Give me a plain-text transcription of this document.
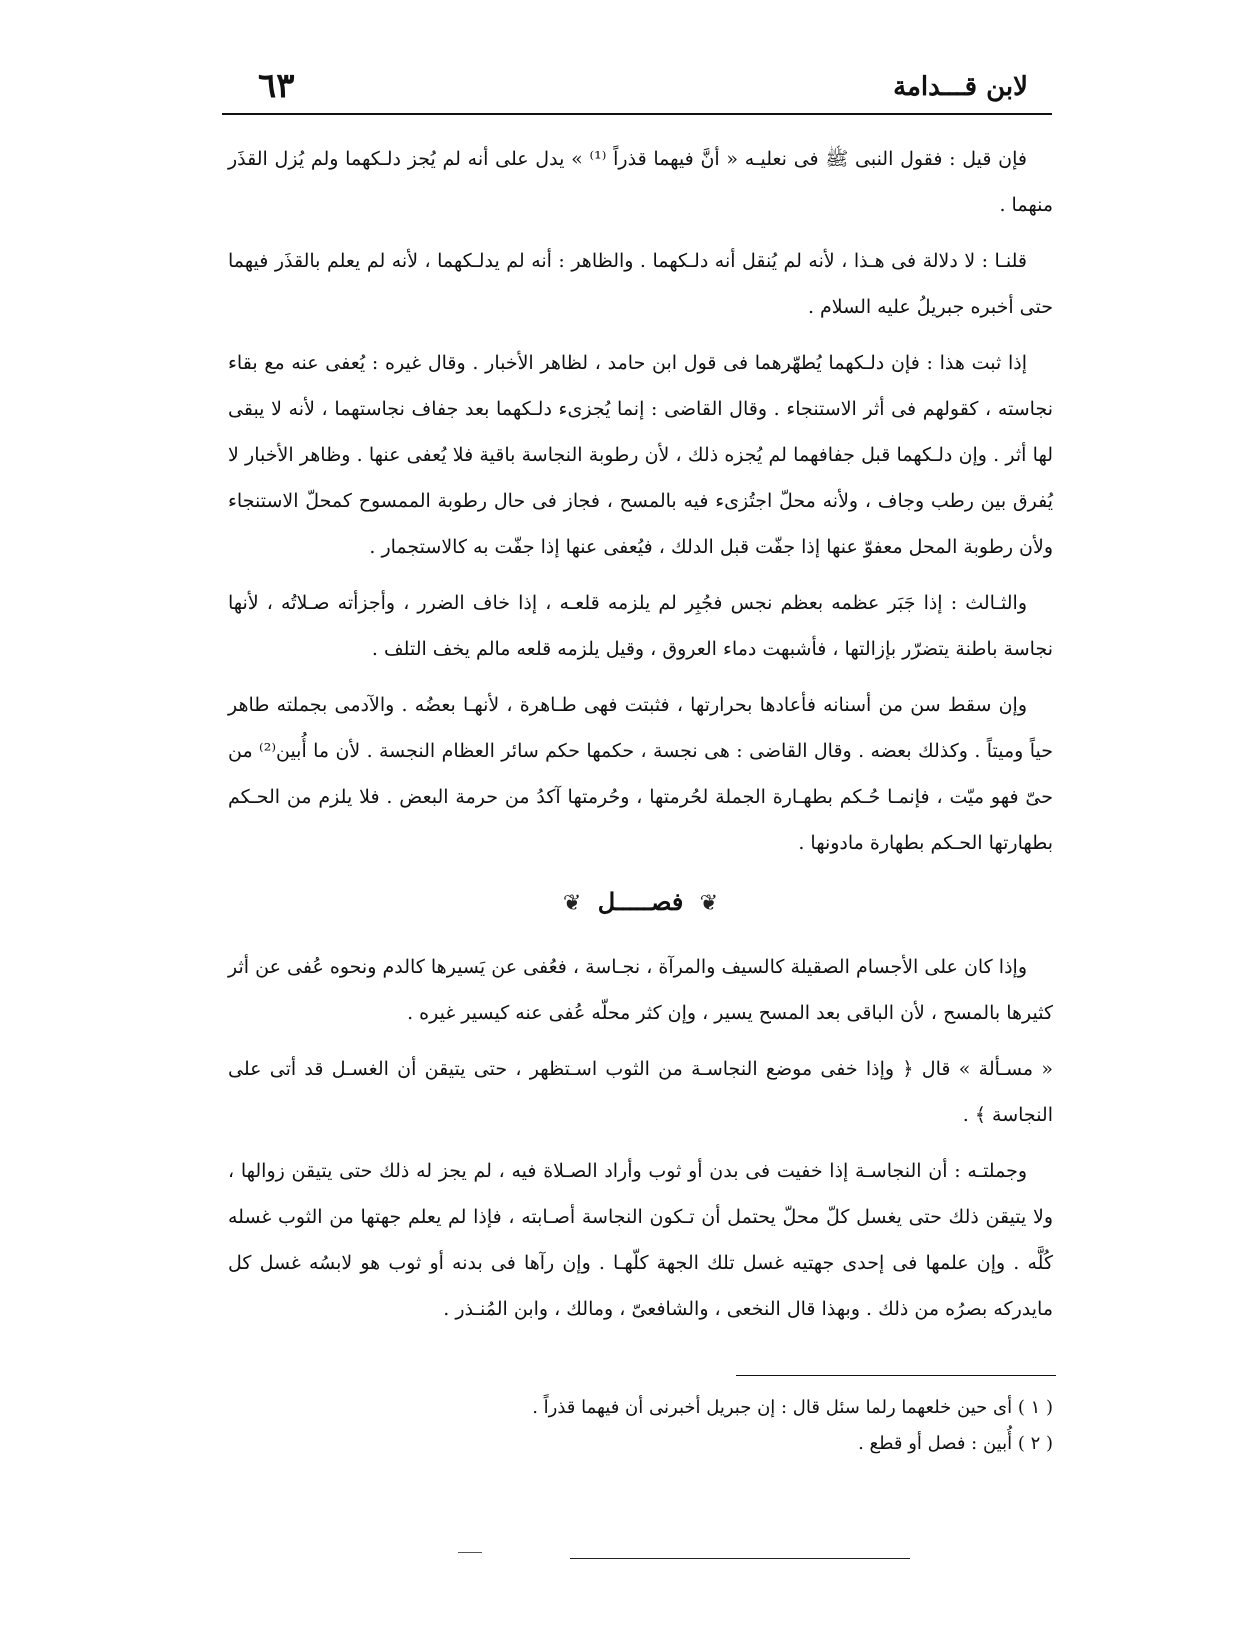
لابن قـــدامة
٦٣

فإن قيل : فقول النبى ﷺ فى نعليـه « أنَّ فيهما قذراً ⁽¹⁾ » يدل على أنه لم يُجز دلـكهما ولم يُزل القذَر منهما .

قلنـا : لا دلالة فى هـذا ، لأنه لم يُنقل أنه دلـكهما . والظاهر : أنه لم يدلـكهما ، لأنه لم يعلم بالقذَر فيهما حتى أخبره جبريلُ عليه السلام .

إذا ثبت هذا : فإن دلـكهما يُطهّرهما فى قول ابن حامد ، لظاهر الأخبار . وقال غيره : يُعفى عنه مع بقاء نجاسته ، كقولهم فى أثر الاستنجاء . وقال القاضى : إنما يُجزىء دلـكهما بعد جفاف نجاستهما ، لأنه لا يبقى لها أثر . وإن دلـكهما قبل جفافهما لم يُجزه ذلك ، لأن رطوبة النجاسة باقية فلا يُعفى عنها . وظاهر الأخبار لا يُفرق بين رطب وجاف ، ولأنه محلّ اجتُزىء فيه بالمسح ، فجاز فى حال رطوبة الممسوح كمحلّ الاستنجاء ولأن رطوبة المحل معفوّ عنها إذا جفّت قبل الدلك ، فيُعفى عنها إذا جفّت به كالاستجمار .

والثـالث : إذا جَبَر عظمه بعظم نجس فجُبِر لم يلزمه قلعـه ، إذا خاف الضرر ، وأجزأته صـلاتُه ، لأنها نجاسة باطنة يتضرّر بإزالتها ، فأشبهت دماء العروق ، وقيل يلزمه قلعه مالم يخف التلف .

وإن سقط سن من أسنانه فأعادها بحرارتها ، فثبتت فهى طـاهرة ، لأنهـا بعضُه . والآدمى بجملته طاهر حياً وميتاً . وكذلك بعضه . وقال القاضى : هى نجسة ، حكمها حكم سائر العظام النجسة . لأن ما أُبين⁽²⁾ من حىّ فهو ميّت ، فإنمـا حُـكم بطهـارة الجملة لحُرمتها ، وحُرمتها آكدُ من حرمة البعض . فلا يلزم من الحـكم بطهارتها الحـكم بطهارة مادونها .

❦ فصـــــل ❦

وإذا كان على الأجسام الصقيلة كالسيف والمرآة ، نجـاسة ، فعُفى عن يَسيرها كالدم ونحوه عُفى عن أثر كثيرها بالمسح ، لأن الباقى بعد المسح يسير ، وإن كثر محلّه عُفى عنه كيسير غيره .

« مسـألة » قال ﴿ وإذا خفى موضع النجاسـة من الثوب اسـتظهر ، حتى يتيقن أن الغسـل قد أتى على النجاسة ﴾ .

وجملتـه : أن النجاسـة إذا خفيت فى بدن أو ثوب وأراد الصـلاة فيه ، لم يجز له ذلك حتى يتيقن زوالها ، ولا يتيقن ذلك حتى يغسل كلّ محلّ يحتمل أن تـكون النجاسة أصـابته ، فإذا لم يعلم جهتها من الثوب غسله كُلَّه . وإن علمها فى إحدى جهتيه غسل تلك الجهة كلّهـا . وإن رآها فى بدنه أو ثوب هو لابسُه غسل كل مايدركه بصرُه من ذلك . وبهذا قال النخعى ، والشافعىّ ، ومالك ، وابن المُنـذر .

( ١ ) أى حين خلعهما رلما سئل قال : إن جبريل أخبرنى أن فيهما قذراً .

( ٢ ) أُبين : فصل أو قطع .
